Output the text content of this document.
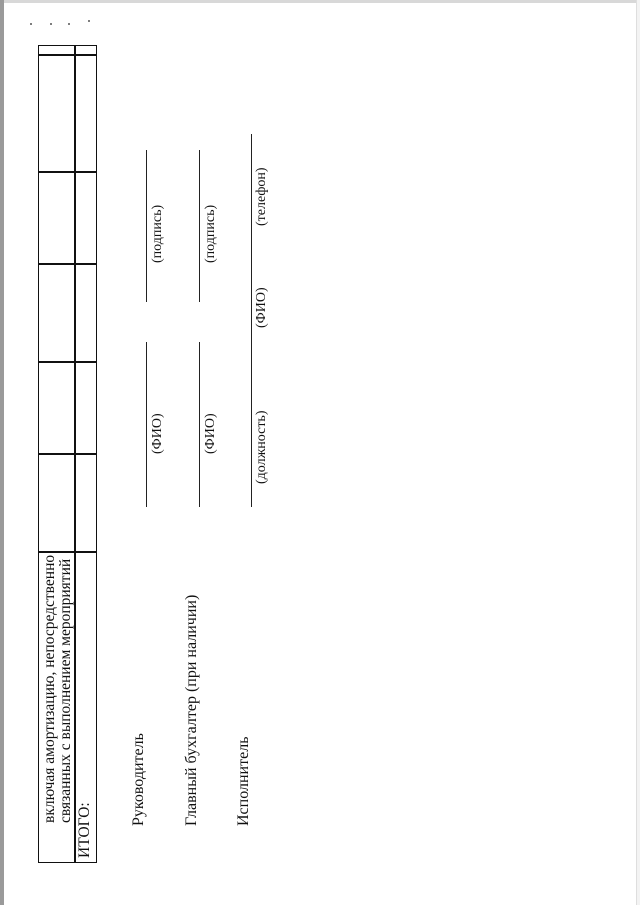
включая амортизацию, непосредственно связанных с выполнением мероприятий
ИТОГО:
Руководитель
(ФИО)
(подпись)
Главный бухгалтер (при наличии)
(ФИО)
(подпись)
Исполнитель
(должность)
(ФИО)
(телефон)
